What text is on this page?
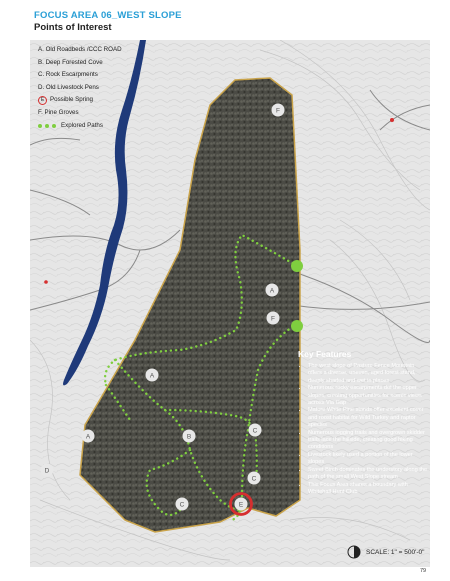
FOCUS AREA 06_WEST SLOPE
Points of Interest
F
A
F
A
B
C
A
C
D
C	E
A. Old Roadbeds /CCC ROAD
B. Deep Forested Cove
C. Rock Escarpments
D. Old Livestock Pens
E Possible Spring
F. Pine Groves
Explored Paths
Key Features
• The west slope of Pasture Fence Mountain offers a diverse, uneven, aged forest stand, deeply shaded and wet in places
• Numerous rocky escarpments dot the upper slopes, creating opportunities for scenic views across Via Gap
• Mature White Pine stands offer excellent cover and roost habitat for Wild Turkey and raptor species
• Numerous logging trails and overgrown skidder trails lace the hillside, creating good hiking conditions
• Livestock likely used a portion of the lower slopes
• Sweet Birch dominates the understory along the path of the small West Slope stream
• This Focus Area shares a boundary with Whitehall Hunt Club
SCALE: 1" = 500'-0"
79
